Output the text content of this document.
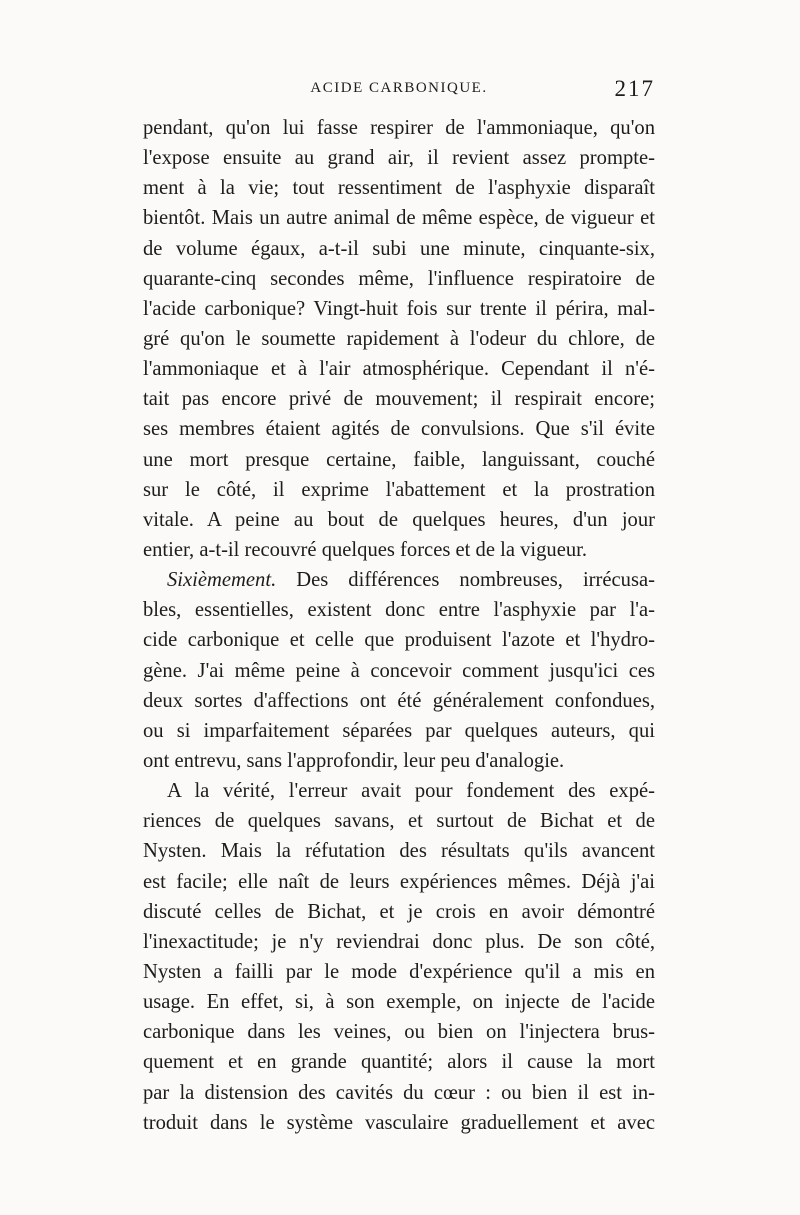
ACIDE CARBONIQUE.	217
pendant, qu'on lui fasse respirer de l'ammoniaque, qu'on
l'expose ensuite au grand air, il revient assez prompte-
ment à la vie; tout ressentiment de l'asphyxie disparaît
bientôt. Mais un autre animal de même espèce, de vigueur et
de volume égaux, a-t-il subi une minute, cinquante-six,
quarante-cinq secondes même, l'influence respiratoire de
l'acide carbonique? Vingt-huit fois sur trente il périra, mal-
gré qu'on le soumette rapidement à l'odeur du chlore, de
l'ammoniaque et à l'air atmosphérique. Cependant il n'é-
tait pas encore privé de mouvement; il respirait encore;
ses membres étaient agités de convulsions. Que s'il évite
une mort presque certaine, faible, languissant, couché
sur le côté, il exprime l'abattement et la prostration
vitale. A peine au bout de quelques heures, d'un jour
entier, a-t-il recouvré quelques forces et de la vigueur.
Sixièmement. Des différences nombreuses, irrécusa-
bles, essentielles, existent donc entre l'asphyxie par l'a-
cide carbonique et celle que produisent l'azote et l'hydro-
gène. J'ai même peine à concevoir comment jusqu'ici ces
deux sortes d'affections ont été généralement confondues,
ou si imparfaitement séparées par quelques auteurs, qui
ont entrevu, sans l'approfondir, leur peu d'analogie.
A la vérité, l'erreur avait pour fondement des expé-
riences de quelques savans, et surtout de Bichat et de
Nysten. Mais la réfutation des résultats qu'ils avancent
est facile; elle naît de leurs expériences mêmes. Déjà j'ai
discuté celles de Bichat, et je crois en avoir démontré
l'inexactitude; je n'y reviendrai donc plus. De son côté,
Nysten a failli par le mode d'expérience qu'il a mis en
usage. En effet, si, à son exemple, on injecte de l'acide
carbonique dans les veines, ou bien on l'injectera brus-
quement et en grande quantité; alors il cause la mort
par la distension des cavités du cœur : ou bien il est in-
troduit dans le système vasculaire graduellement et avec
